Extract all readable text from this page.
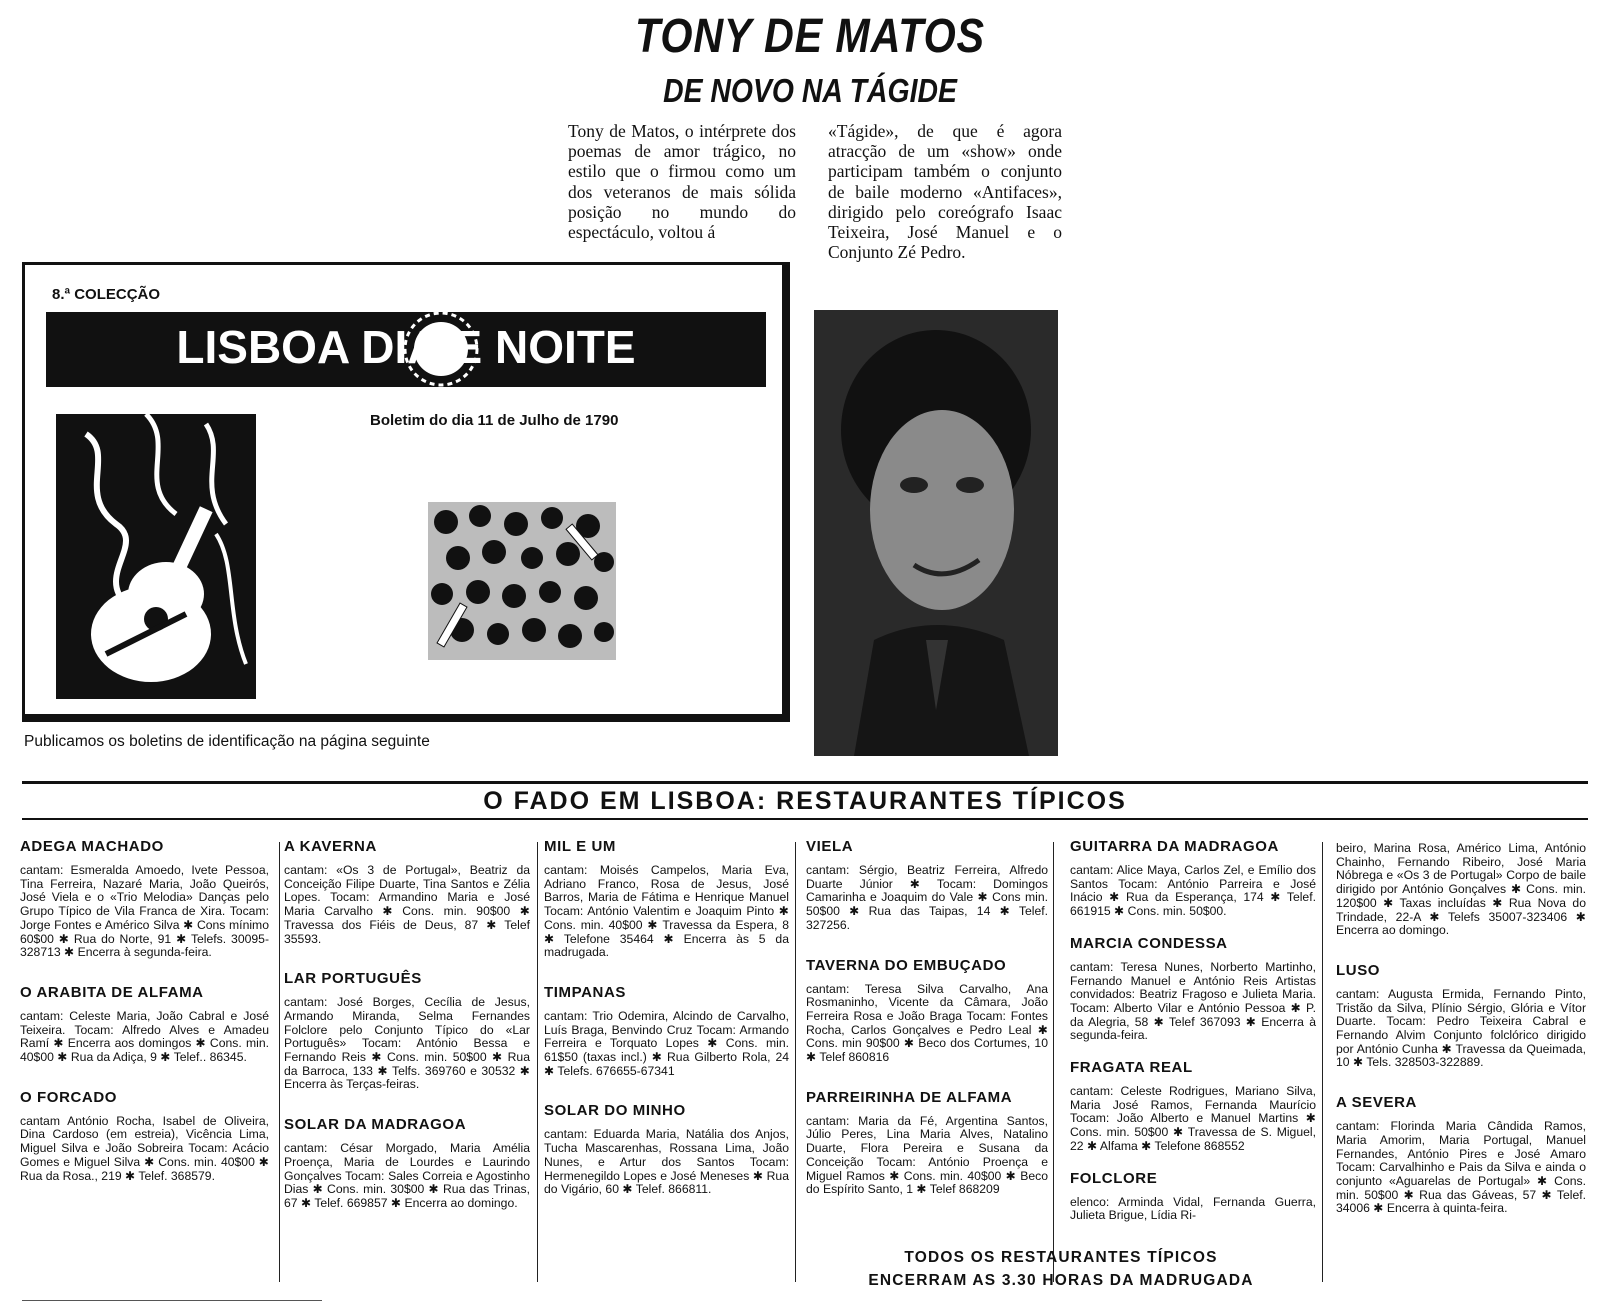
TONY DE MATOS
DE NOVO NA TÁGIDE
Tony de Matos, o intérprete dos poemas de amor trágico, no estilo que o firmou como um dos veteranos de mais sólida posição no mundo do espectáculo, voltou á
«Tágide», de que é agora atracção de um «show» onde participam também o conjunto de baile moderno «Antifaces», dirigido pelo coreógrafo Isaac Teixeira, José Manuel e o Conjunto Zé Pedro.
8.ª COLECÇÃO
LISBOA DIA E NOITE
Boletim do dia 11 de Julho de 1790
Publicamos os boletins de identificação na página seguinte
O FADO EM LISBOA: RESTAURANTES TÍPICOS
ADEGA MACHADO
cantam: Esmeralda Amoedo, Ivete Pessoa, Tina Ferreira, Nazaré Maria, João Queirós, José Viela e o «Trio Melodia» Danças pelo Grupo Típico de Vila Franca de Xira. Tocam: Jorge Fontes e Américo Silva ✱ Cons mínimo 60$00 ✱ Rua do Norte, 91 ✱ Telefs. 30095-328713 ✱ Encerra à segunda-feira.
O ARABITA DE ALFAMA
cantam: Celeste Maria, João Cabral e José Teixeira. Tocam: Alfredo Alves e Amadeu Ramí ✱ Encerra aos domingos ✱ Cons. min. 40$00 ✱ Rua da Adiça, 9 ✱ Telef.. 86345.
O FORCADO
cantam António Rocha, Isabel de Oliveira, Dina Cardoso (em estreia), Vicência Lima, Miguel Silva e João Sobreira Tocam: Acácio Gomes e Miguel Silva ✱ Cons. min. 40$00 ✱ Rua da Rosa., 219 ✱ Telef. 368579.
A KAVERNA
cantam: «Os 3 de Portugal», Beatriz da Conceição Filipe Duarte, Tina Santos e Zélia Lopes. Tocam: Armandino Maria e José Maria Carvalho ✱ Cons. min. 90$00 ✱ Travessa dos Fiéis de Deus, 87 ✱ Telef 35593.
LAR PORTUGUÊS
cantam: José Borges, Cecília de Jesus, Armando Miranda, Selma Fernandes Folclore pelo Conjunto Típico do «Lar Português» Tocam: António Bessa e Fernando Reis ✱ Cons. min. 50$00 ✱ Rua da Barroca, 133 ✱ Telfs. 369760 e 30532 ✱ Encerra às Terças-feiras.
SOLAR DA MADRAGOA
cantam: César Morgado, Maria Amélia Proença, Maria de Lourdes e Laurindo Gonçalves Tocam: Sales Correia e Agostinho Dias ✱ Cons. min. 30$00 ✱ Rua das Trinas, 67 ✱ Telef. 669857 ✱ Encerra ao domingo.
MIL E UM
cantam: Moisés Campelos, Maria Eva, Adriano Franco, Rosa de Jesus, José Barros, Maria de Fátima e Henrique Manuel Tocam: António Valentim e Joaquim Pinto ✱ Cons. min. 40$00 ✱ Travessa da Espera, 8 ✱ Telefone 35464 ✱ Encerra às 5 da madrugada.
TIMPANAS
cantam: Trio Odemira, Alcindo de Carvalho, Luís Braga, Benvindo Cruz Tocam: Armando Ferreira e Torquato Lopes ✱ Cons. min. 61$50 (taxas incl.) ✱ Rua Gilberto Rola, 24 ✱ Telefs. 676655-67341
SOLAR DO MINHO
cantam: Eduarda Maria, Natália dos Anjos, Tucha Mascarenhas, Rossana Lima, João Nunes, e Artur dos Santos Tocam: Hermenegildo Lopes e José Meneses ✱ Rua do Vigário, 60 ✱ Telef. 866811.
VIELA
cantam: Sérgio, Beatriz Ferreira, Alfredo Duarte Júnior ✱ Tocam: Domingos Camarinha e Joaquim do Vale ✱ Cons min. 50$00 ✱ Rua das Taipas, 14 ✱ Telef. 327256.
TAVERNA DO EMBUÇADO
cantam: Teresa Silva Carvalho, Ana Rosmaninho, Vicente da Câmara, João Ferreira Rosa e João Braga Tocam: Fontes Rocha, Carlos Gonçalves e Pedro Leal ✱ Cons. min 90$00 ✱ Beco dos Cortumes, 10 ✱ Telef 860816
PARREIRINHA DE ALFAMA
cantam: Maria da Fé, Argentina Santos, Júlio Peres, Lina Maria Alves, Natalino Duarte, Flora Pereira e Susana da Conceição Tocam: António Proença e Miguel Ramos ✱ Cons. min. 40$00 ✱ Beco do Espírito Santo, 1 ✱ Telef 868209
GUITARRA DA MADRAGOA
cantam: Alice Maya, Carlos Zel, e Emílio dos Santos Tocam: António Parreira e José Inácio ✱ Rua da Esperança, 174 ✱ Telef. 661915 ✱ Cons. min. 50$00.
MARCIA CONDESSA
cantam: Teresa Nunes, Norberto Martinho, Fernando Manuel e António Reis Artistas convidados: Beatriz Fragoso e Julieta Maria. Tocam: Alberto Vilar e António Pessoa ✱ P. da Alegria, 58 ✱ Telef 367093 ✱ Encerra à segunda-feira.
FRAGATA REAL
cantam: Celeste Rodrigues, Mariano Silva, Maria José Ramos, Fernanda Maurício Tocam: João Alberto e Manuel Martins ✱ Cons. min. 50$00 ✱ Travessa de S. Miguel, 22 ✱ Alfama ✱ Telefone 868552
FOLCLORE
elenco: Arminda Vidal, Fernanda Guerra, Julieta Brigue, Lídia Ri-
beiro, Marina Rosa, Américo Lima, António Chainho, Fernando Ribeiro, José Maria Nóbrega e «Os 3 de Portugal» Corpo de baile dirigido por António Gonçalves ✱ Cons. min. 120$00 ✱ Taxas incluídas ✱ Rua Nova do Trindade, 22-A ✱ Telefs 35007-323406 ✱ Encerra ao domingo.
LUSO
cantam: Augusta Ermida, Fernando Pinto, Tristão da Silva, Plínio Sérgio, Glória e Vítor Duarte. Tocam: Pedro Teixeira Cabral e Fernando Alvim Conjunto folclórico dirigido por António Cunha ✱ Travessa da Queimada, 10 ✱ Tels. 328503-322889.
A SEVERA
cantam: Florinda Maria Cândida Ramos, Maria Amorim, Maria Portugal, Manuel Fernandes, António Pires e José Amaro Tocam: Carvalhinho e Pais da Silva e ainda o conjunto «Aguarelas de Portugal» ✱ Cons. min. 50$00 ✱ Rua das Gáveas, 57 ✱ Telef. 34006 ✱ Encerra à quinta-feira.
TODOS OS RESTAURANTES TÍPICOS
ENCERRAM AS 3.30 HORAS DA MADRUGADA
